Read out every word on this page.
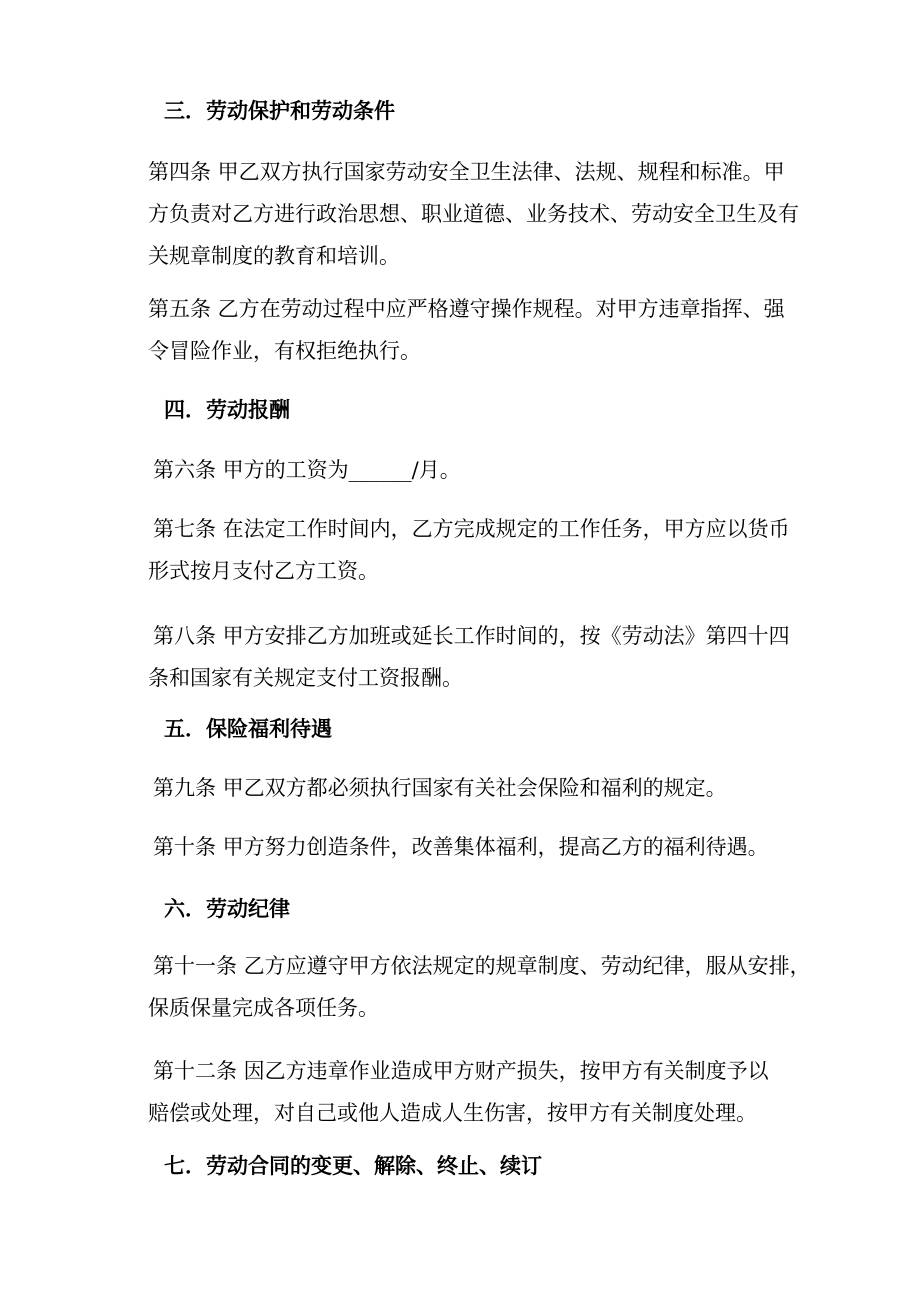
三．劳动保护和劳动条件

第四条 甲乙双方执行国家劳动安全卫生法律、法规、规程和标准。甲
方负责对乙方进行政治思想、职业道德、业务技术、劳动安全卫生及有
关规章制度的教育和培训。

第五条 乙方在劳动过程中应严格遵守操作规程。对甲方违章指挥、强
令冒险作业，有权拒绝执行。

四．劳动报酬

第六条 甲方的工资为______/月。

第七条 在法定工作时间内，乙方完成规定的工作任务，甲方应以货币
形式按月支付乙方工资。

第八条 甲方安排乙方加班或延长工作时间的，按《劳动法》第四十四
条和国家有关规定支付工资报酬。

五．保险福利待遇

第九条 甲乙双方都必须执行国家有关社会保险和福利的规定。

第十条 甲方努力创造条件，改善集体福利，提高乙方的福利待遇。

六．劳动纪律

第十一条 乙方应遵守甲方依法规定的规章制度、劳动纪律，服从安排，
保质保量完成各项任务。

第十二条 因乙方违章作业造成甲方财产损失，按甲方有关制度予以
赔偿或处理，对自己或他人造成人生伤害，按甲方有关制度处理。

七．劳动合同的变更、解除、终止、续订
